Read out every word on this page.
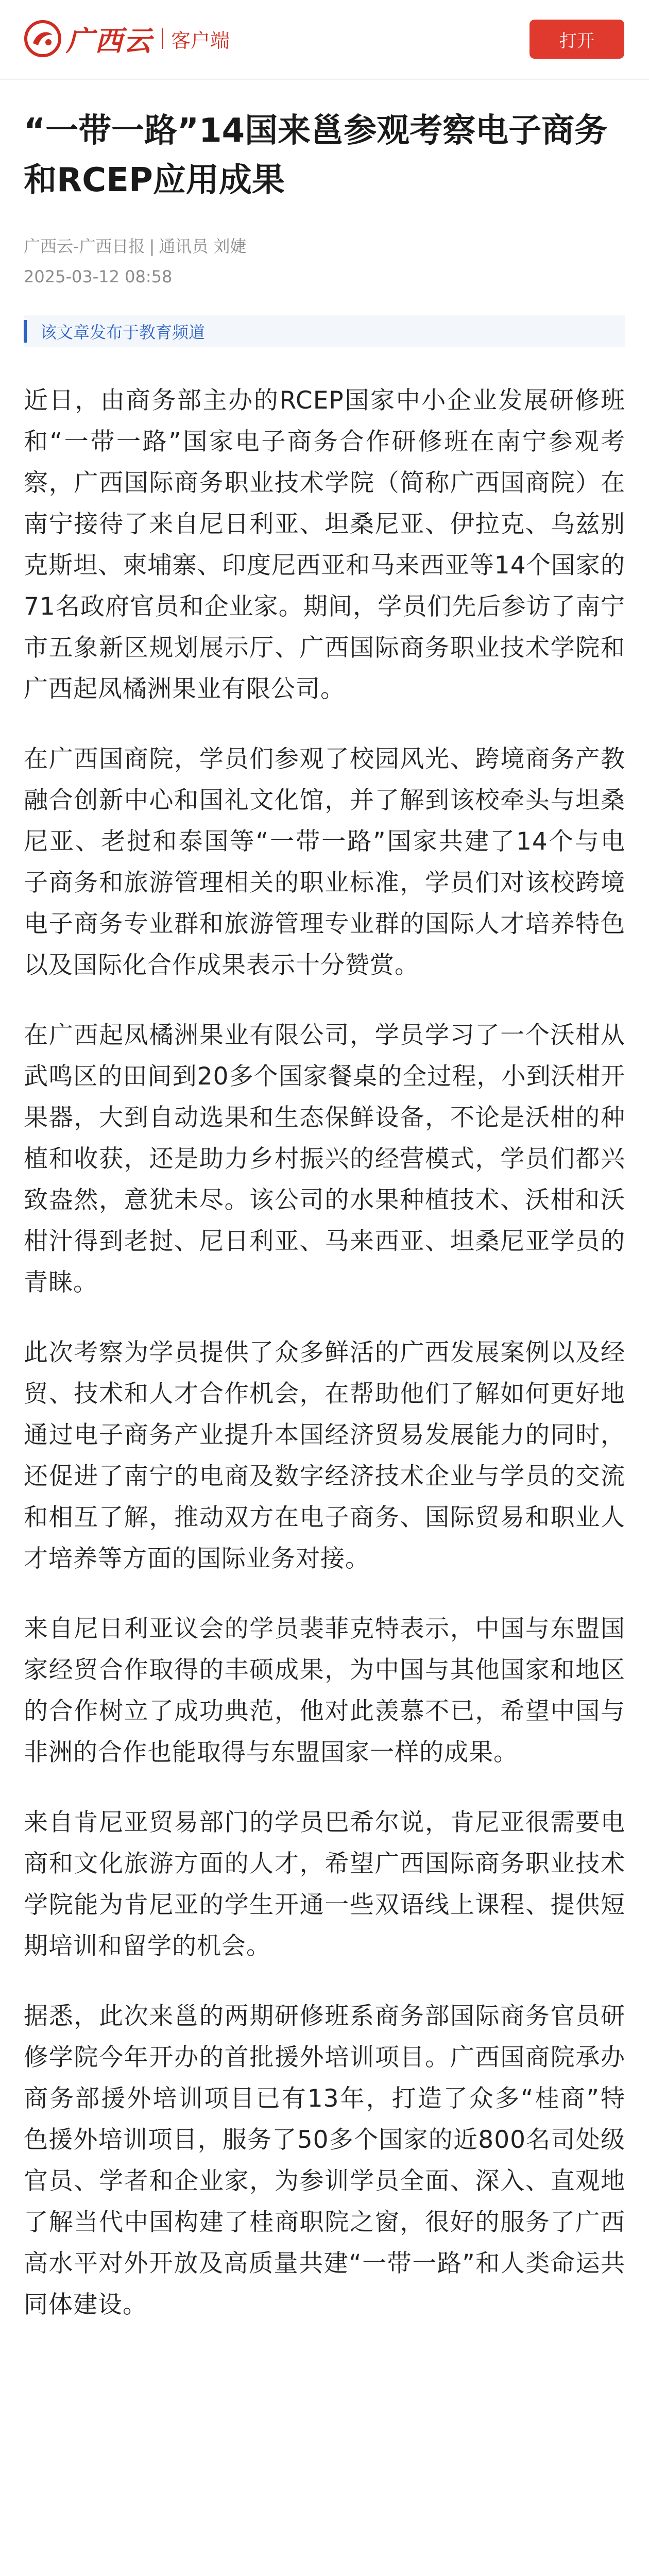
广西云 客户端	打开
“一带一路”14国来邕参观考察电子商务和RCEP应用成果
广西云-广西日报 | 通讯员 刘婕
2025-03-12 08:58
该文章发布于教育频道

近日，由商务部主办的RCEP国家中小企业发展研修班和“一带一路”国家电子商务合作研修班在南宁参观考察，广西国际商务职业技术学院（简称广西国商院）在南宁接待了来自尼日利亚、坦桑尼亚、伊拉克、乌兹别克斯坦、柬埔寨、印度尼西亚和马来西亚等14个国家的71名政府官员和企业家。期间，学员们先后参访了南宁市五象新区规划展示厅、广西国际商务职业技术学院和广西起凤橘洲果业有限公司。

在广西国商院，学员们参观了校园风光、跨境商务产教融合创新中心和国礼文化馆，并了解到该校牵头与坦桑尼亚、老挝和泰国等“一带一路”国家共建了14个与电子商务和旅游管理相关的职业标准，学员们对该校跨境电子商务专业群和旅游管理专业群的国际人才培养特色以及国际化合作成果表示十分赞赏。

在广西起凤橘洲果业有限公司，学员学习了一个沃柑从武鸣区的田间到20多个国家餐桌的全过程，小到沃柑开果器，大到自动选果和生态保鲜设备，不论是沃柑的种植和收获，还是助力乡村振兴的经营模式，学员们都兴致盎然，意犹未尽。该公司的水果种植技术、沃柑和沃柑汁得到老挝、尼日利亚、马来西亚、坦桑尼亚学员的青睐。

此次考察为学员提供了众多鲜活的广西发展案例以及经贸、技术和人才合作机会，在帮助他们了解如何更好地通过电子商务产业提升本国经济贸易发展能力的同时，还促进了南宁的电商及数字经济技术企业与学员的交流和相互了解，推动双方在电子商务、国际贸易和职业人才培养等方面的国际业务对接。

来自尼日利亚议会的学员裴菲克特表示，中国与东盟国家经贸合作取得的丰硕成果，为中国与其他国家和地区的合作树立了成功典范，他对此羡慕不已，希望中国与非洲的合作也能取得与东盟国家一样的成果。

来自肯尼亚贸易部门的学员巴希尔说，肯尼亚很需要电商和文化旅游方面的人才，希望广西国际商务职业技术学院能为肯尼亚的学生开通一些双语线上课程、提供短期培训和留学的机会。

据悉，此次来邕的两期研修班系商务部国际商务官员研修学院今年开办的首批援外培训项目。广西国商院承办商务部援外培训项目已有13年，打造了众多“桂商”特色援外培训项目，服务了50多个国家的近800名司处级官员、学者和企业家，为参训学员全面、深入、直观地了解当代中国构建了桂商职院之窗，很好的服务了广西高水平对外开放及高质量共建“一带一路”和人类命运共同体建设。
